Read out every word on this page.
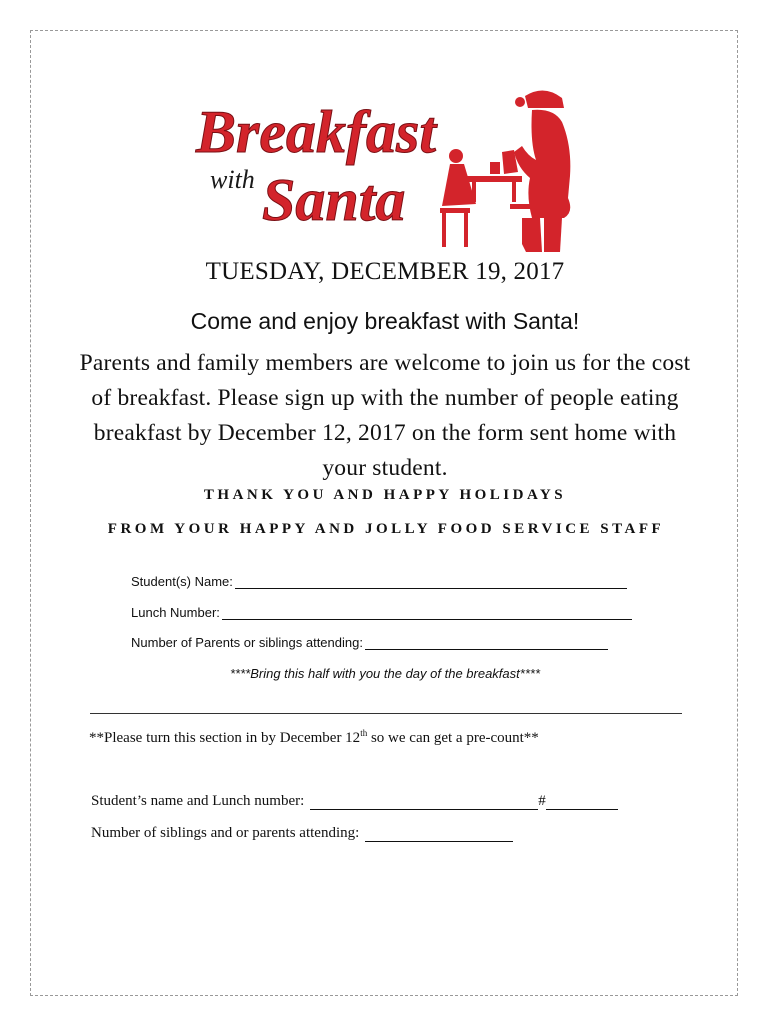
Breakfast
with Santa
TUESDAY, DECEMBER 19, 2017
Come and enjoy breakfast with Santa!
Parents and family members are welcome to join us for the cost of breakfast. Please sign up with the number of people eating breakfast by December 12, 2017 on the form sent home with your student.
THANK YOU AND HAPPY HOLIDAYS
FROM YOUR HAPPY AND JOLLY FOOD SERVICE STAFF
Student(s) Name:
Lunch Number:
Number of Parents or siblings attending:
****Bring this half with you the day of the breakfast****
**Please turn this section in by December 12th so we can get a pre-count**
Student’s name and Lunch number:	#
Number of siblings and or parents attending:
